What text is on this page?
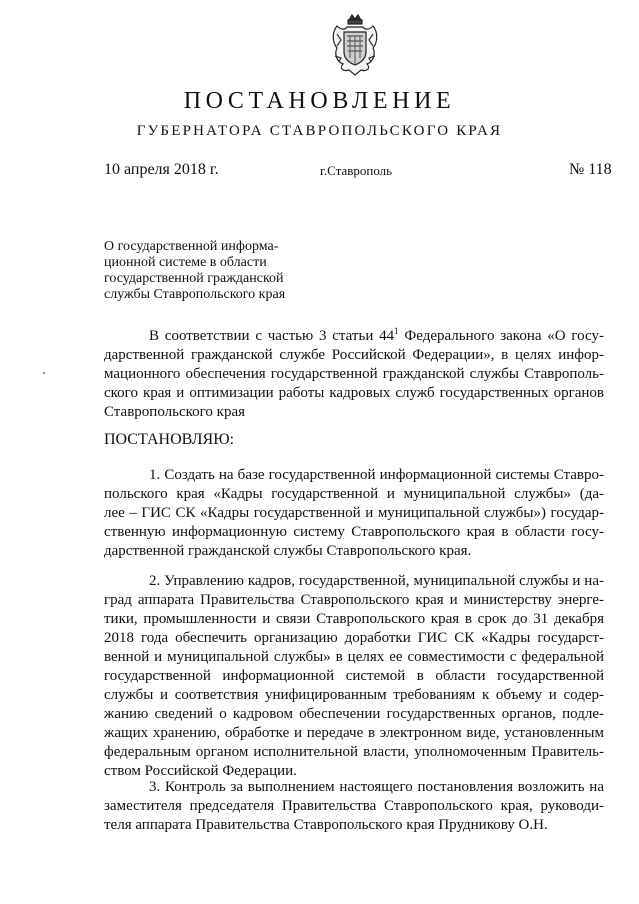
ПОСТАНОВЛЕНИЕ
ГУБЕРНАТОРА СТАВРОПОЛЬСКОГО КРАЯ
10 апреля 2018 г.	г.Ставрополь	№ 118
О государственной информа-
ционной системе в области
государственной гражданской
службы Ставропольского края
В соответствии с частью 3 статьи $44^1$ Федерального закона «О госу-
дарственной гражданской службе Российской Федерации», в целях инфор-
мационного обеспечения государственной гражданской службы Ставрополь-
ского края и оптимизации работы кадровых служб государственных органов
Ставропольского края
ПОСТАНОВЛЯЮ:
1. Создать на базе государственной информационной системы Ставро-
польского края «Кадры государственной и муниципальной службы» (да-
лее – ГИС СК «Кадры государственной и муниципальной службы») государ-
ственную информационную систему Ставропольского края в области госу-
дарственной гражданской службы Ставропольского края.
2. Управлению кадров, государственной, муниципальной службы и на-
град аппарата Правительства Ставропольского края и министерству энерге-
тики, промышленности и связи Ставропольского края в срок до 31 декабря
2018 года обеспечить организацию доработки ГИС СК «Кадры государст-
венной и муниципальной службы» в целях ее совместимости с федеральной
государственной информационной системой в области государственной
службы и соответствия унифицированным требованиям к объему и содер-
жанию сведений о кадровом обеспечении государственных органов, подле-
жащих хранению, обработке и передаче в электронном виде, установленным
федеральным органом исполнительной власти, уполномоченным Правитель-
ством Российской Федерации.
3. Контроль за выполнением настоящего постановления возложить на
заместителя председателя Правительства Ставропольского края, руководи-
теля аппарата Правительства Ставропольского края Прудникову О.Н.
